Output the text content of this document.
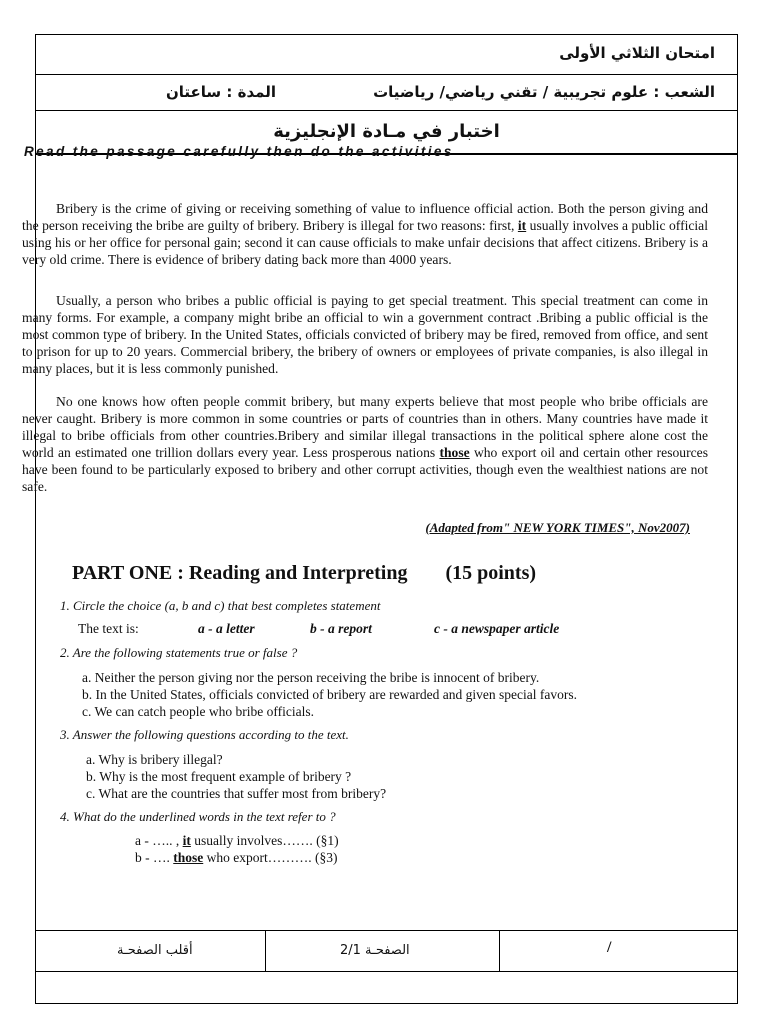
امتحان الثلاثي الأولى
الشعب : علوم تجريبية / تقني رياضي/ رياضيات
المدة : ساعتان
اختبار في مـادة الإنجليزية
Read the passage carefully then do the activities
Bribery is the crime of giving or receiving something of value to influence official action. Both the person giving and the person receiving the bribe are guilty of bribery. Bribery is illegal for two reasons: first, it usually involves a public official using his or her office for personal gain; second it can cause officials to make unfair decisions that affect citizens. Bribery is a very old crime. There is evidence of bribery dating back more than 4000 years.
Usually, a person who bribes a public official is paying to get special treatment. This special treatment can come in many forms. For example, a company might bribe an official to win a government contract .Bribing a public official is the most common type of bribery. In the United States, officials convicted of bribery may be fired, removed from office, and sent to prison for up to 20 years. Commercial bribery, the bribery of owners or employees of private companies, is also illegal in many places, but it is less commonly punished.
No one knows how often people commit bribery, but many experts believe that most people who bribe officials are never caught. Bribery is more common in some countries or parts of countries than in others. Many countries have made it illegal to bribe officials from other countries.Bribery and similar illegal transactions in the political sphere alone cost the world an estimated one trillion dollars every year. Less prosperous nations those who export oil and certain other resources have been found to be particularly exposed to bribery and other corrupt activities, though even the wealthiest nations are not safe.
(Adapted from" NEW YORK TIMES", Nov2007)
PART ONE : Reading and Interpreting (15 points)
1. Circle the choice (a, b and c) that best completes statement
The text is:	a - a letter	b - a report	c - a newspaper article
2. Are the following statements true or false ?
a. Neither the person giving nor the person receiving the bribe is innocent of bribery.
b. In the United States, officials convicted of bribery are rewarded and given special favors.
c. We can catch people who bribe officials.
3. Answer the following questions according to the text.
a. Why is bribery illegal?
b. Why is the most frequent example of bribery ?
c. What are the countries that suffer most from bribery?
4. What do the underlined words in the text refer to ?
a - ….. , it usually involves……. (§1)
b - …. those who export………. (§3)
أقلب الصفحـة	الصفحـة 2/1	/
